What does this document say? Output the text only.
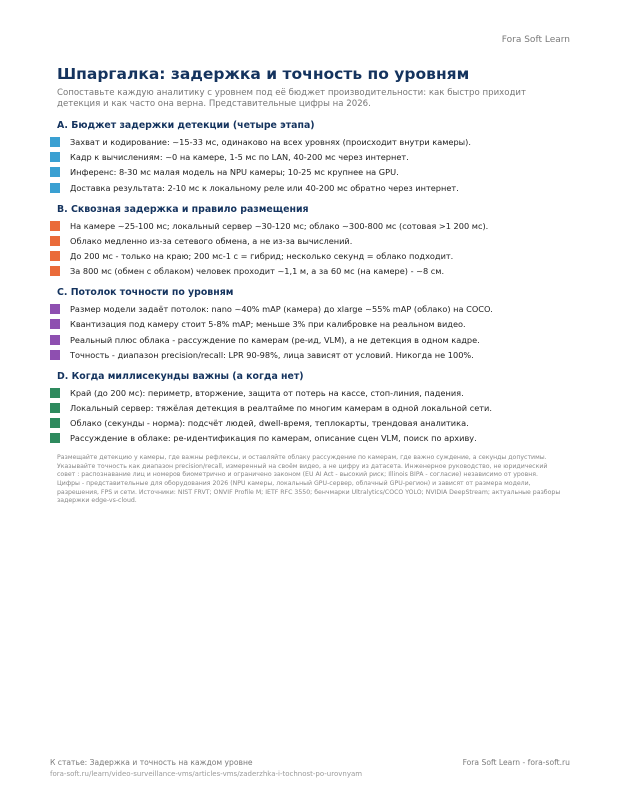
Fora Soft Learn
Шпаргалка: задержка и точность по уровням

Сопоставьте каждую аналитику с уровнем под её бюджет производительности: как быстро приходит детекция и как часто она верна. Представительные цифры на 2026.

A. Бюджет задержки детекции (четыре этапа)
Захват и кодирование: ~15-33 мс, одинаково на всех уровнях (происходит внутри камеры).
Кадр к вычислениям: ~0 на камере, 1-5 мс по LAN, 40-200 мс через интернет.
Инференс: 8-30 мс малая модель на NPU камеры; 10-25 мс крупнее на GPU.
Доставка результата: 2-10 мс к локальному реле или 40-200 мс обратно через интернет.
B. Сквозная задержка и правило размещения
На камере ~25-100 мс; локальный сервер ~30-120 мс; облако ~300-800 мс (сотовая >1 200 мс).
Облако медленно из-за сетевого обмена, а не из-за вычислений.
До 200 мс - только на краю; 200 мс-1 с = гибрид; несколько секунд = облако подходит.
За 800 мс (обмен с облаком) человек проходит ~1,1 м, а за 60 мс (на камере) - ~8 см.
C. Потолок точности по уровням
Размер модели задаёт потолок: nano ~40% mAP (камера) до xlarge ~55% mAP (облако) на COCO.
Квантизация под камеру стоит 5-8% mAP; меньше 3% при калибровке на реальном видео.
Реальный плюс облака - рассуждение по камерам (ре-ид, VLM), а не детекция в одном кадре.
Точность - диапазон precision/recall: LPR 90-98%, лица зависят от условий. Никогда не 100%.
D. Когда миллисекунды важны (а когда нет)
Край (до 200 мс): периметр, вторжение, защита от потерь на кассе, стоп-линия, падения.
Локальный сервер: тяжёлая детекция в реалтайме по многим камерам в одной локальной сети.
Облако (секунды - норма): подсчёт людей, dwell-время, теплокарты, трендовая аналитика.
Рассуждение в облаке: ре-идентификация по камерам, описание сцен VLM, поиск по архиву.
Размещайте детекцию у камеры, где важны рефлексы, и оставляйте облаку рассуждение по камерам, где важно суждение, а секунды допустимы. Указывайте точность как диапазон precision/recall, измеренный на своём видео, а не цифру из датасета. Инженерное руководство, не юридический совет : распознавание лиц и номеров биометрично и ограничено законом (EU AI Act - высокий риск; Illinois BIPA - согласие) независимо от уровня. Цифры - представительные для оборудования 2026 (NPU камеры, локальный GPU-сервер, облачный GPU-регион) и зависят от размера модели, разрешения, FPS и сети. Источники: NIST FRVT; ONVIF Profile M; IETF RFC 3550; бенчмарки Ultralytics/COCO YOLO; NVIDIA DeepStream; актуальные разборы задержки edge-vs-cloud.
К статье: Задержка и точность на каждом уровне
fora-soft.ru/learn/video-surveillance-vms/articles-vms/zaderzhka-i-tochnost-po-urovnyam
Fora Soft Learn - fora-soft.ru
